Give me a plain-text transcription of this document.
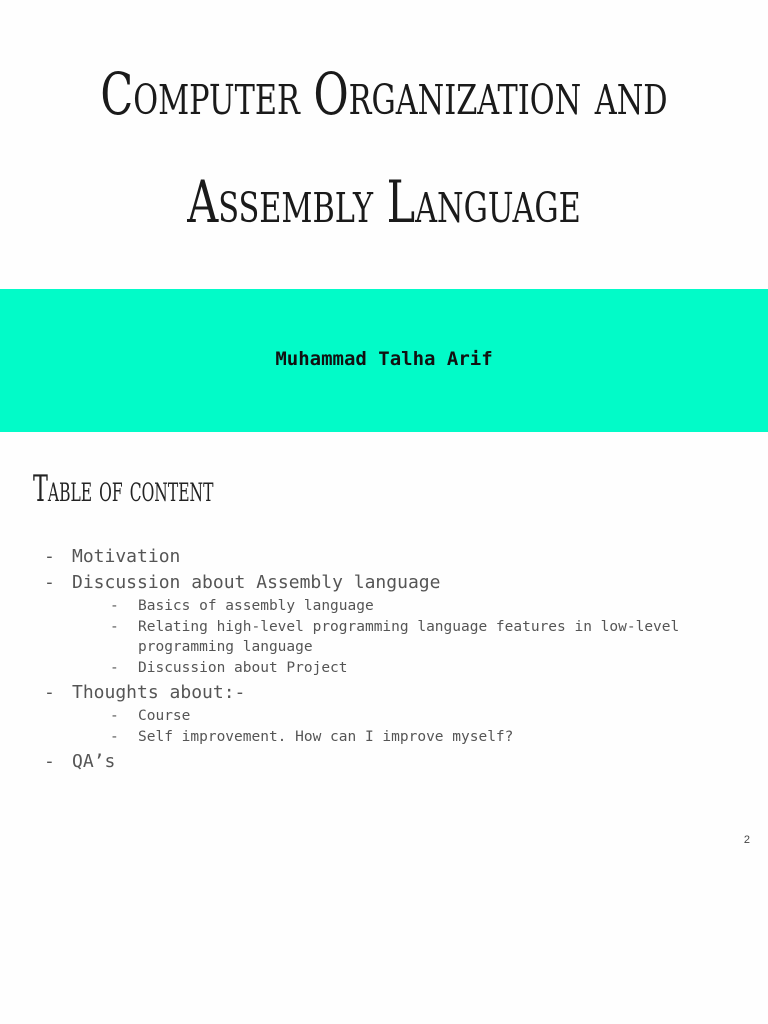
Computer Organization and
Assembly Language
Muhammad Talha Arif
Table of content
- Motivation
- Discussion about Assembly language
- Basics of assembly language
- Relating high-level programming language features in low-level programming language
- Discussion about Project
- Thoughts about:-
- Course
- Self improvement. How can I improve myself?
- QA’s
2
